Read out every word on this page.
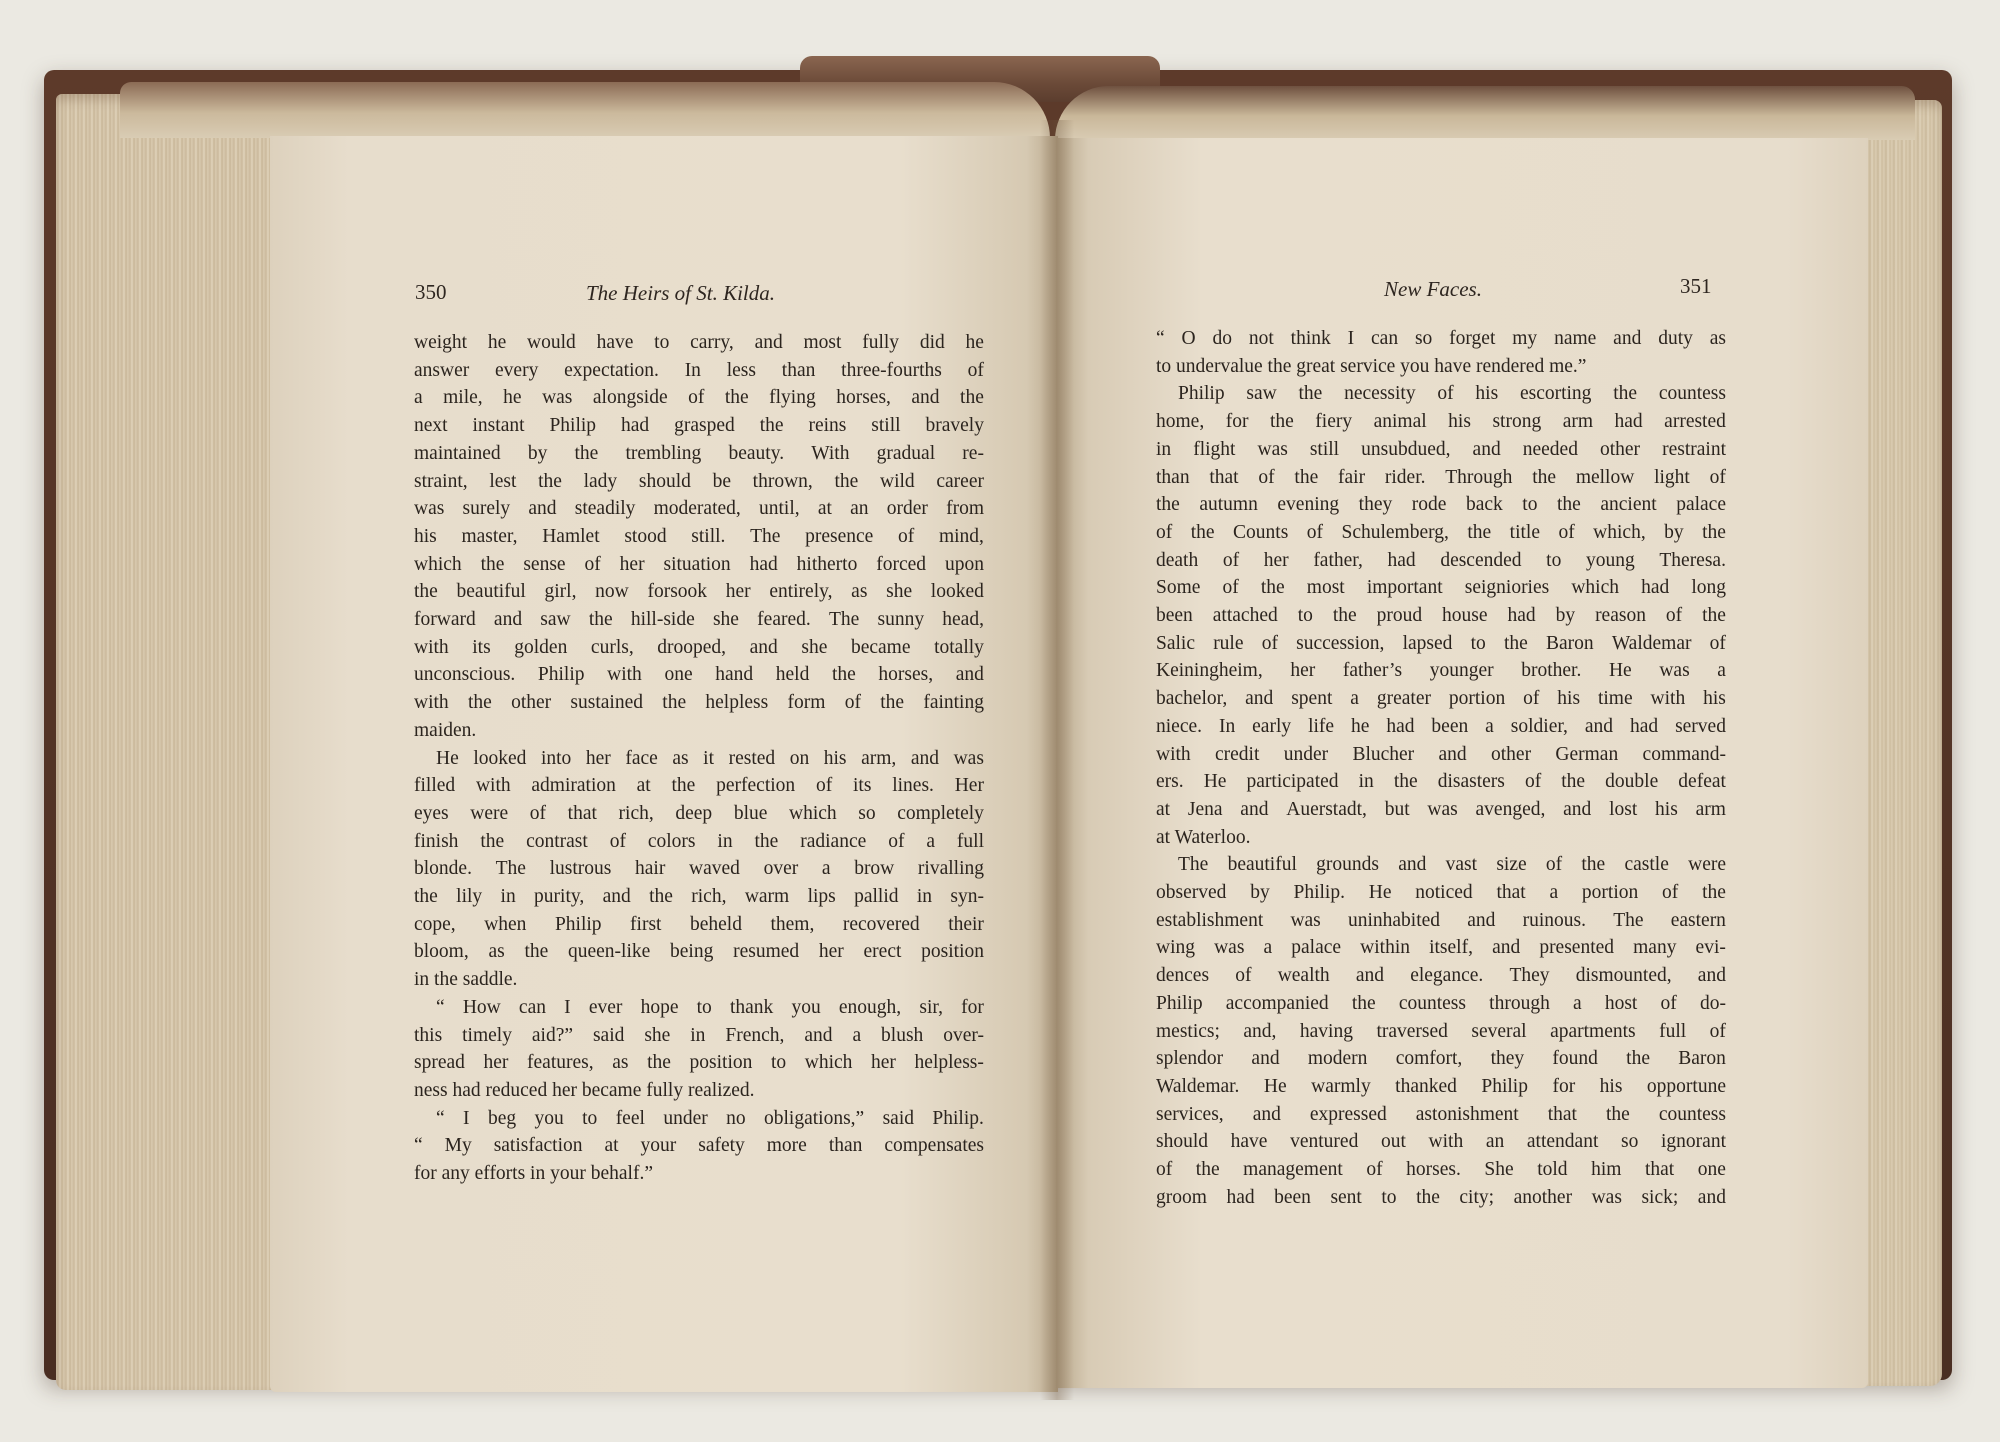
350	The Heirs of St. Kilda.	New Faces.	351
weight he would have to carry, and most fully did he
answer every expectation. In less than three-fourths of
a mile, he was alongside of the flying horses, and the
next instant Philip had grasped the reins still bravely
maintained by the trembling beauty. With gradual re-
straint, lest the lady should be thrown, the wild career
was surely and steadily moderated, until, at an order from
his master, Hamlet stood still. The presence of mind,
which the sense of her situation had hitherto forced upon
the beautiful girl, now forsook her entirely, as she looked
forward and saw the hill-side she feared. The sunny head,
with its golden curls, drooped, and she became totally
unconscious. Philip with one hand held the horses, and
with the other sustained the helpless form of the fainting
maiden.
He looked into her face as it rested on his arm, and was
filled with admiration at the perfection of its lines. Her
eyes were of that rich, deep blue which so completely
finish the contrast of colors in the radiance of a full
blonde. The lustrous hair waved over a brow rivalling
the lily in purity, and the rich, warm lips pallid in syn-
cope, when Philip first beheld them, recovered their
bloom, as the queen-like being resumed her erect position
in the saddle.
“ How can I ever hope to thank you enough, sir, for
this timely aid?” said she in French, and a blush over-
spread her features, as the position to which her helpless-
ness had reduced her became fully realized.
“ I beg you to feel under no obligations,” said Philip.
“ My satisfaction at your safety more than compensates
for any efforts in your behalf.”
“ O do not think I can so forget my name and duty as
to undervalue the great service you have rendered me.”
Philip saw the necessity of his escorting the countess
home, for the fiery animal his strong arm had arrested
in flight was still unsubdued, and needed other restraint
than that of the fair rider. Through the mellow light of
the autumn evening they rode back to the ancient palace
of the Counts of Schulemberg, the title of which, by the
death of her father, had descended to young Theresa.
Some of the most important seigniories which had long
been attached to the proud house had by reason of the
Salic rule of succession, lapsed to the Baron Waldemar of
Keiningheim, her father’s younger brother. He was a
bachelor, and spent a greater portion of his time with his
niece. In early life he had been a soldier, and had served
with credit under Blucher and other German command-
ers. He participated in the disasters of the double defeat
at Jena and Auerstadt, but was avenged, and lost his arm
at Waterloo.
The beautiful grounds and vast size of the castle were
observed by Philip. He noticed that a portion of the
establishment was uninhabited and ruinous. The eastern
wing was a palace within itself, and presented many evi-
dences of wealth and elegance. They dismounted, and
Philip accompanied the countess through a host of do-
mestics; and, having traversed several apartments full of
splendor and modern comfort, they found the Baron
Waldemar. He warmly thanked Philip for his opportune
services, and expressed astonishment that the countess
should have ventured out with an attendant so ignorant
of the management of horses. She told him that one
groom had been sent to the city; another was sick; and
